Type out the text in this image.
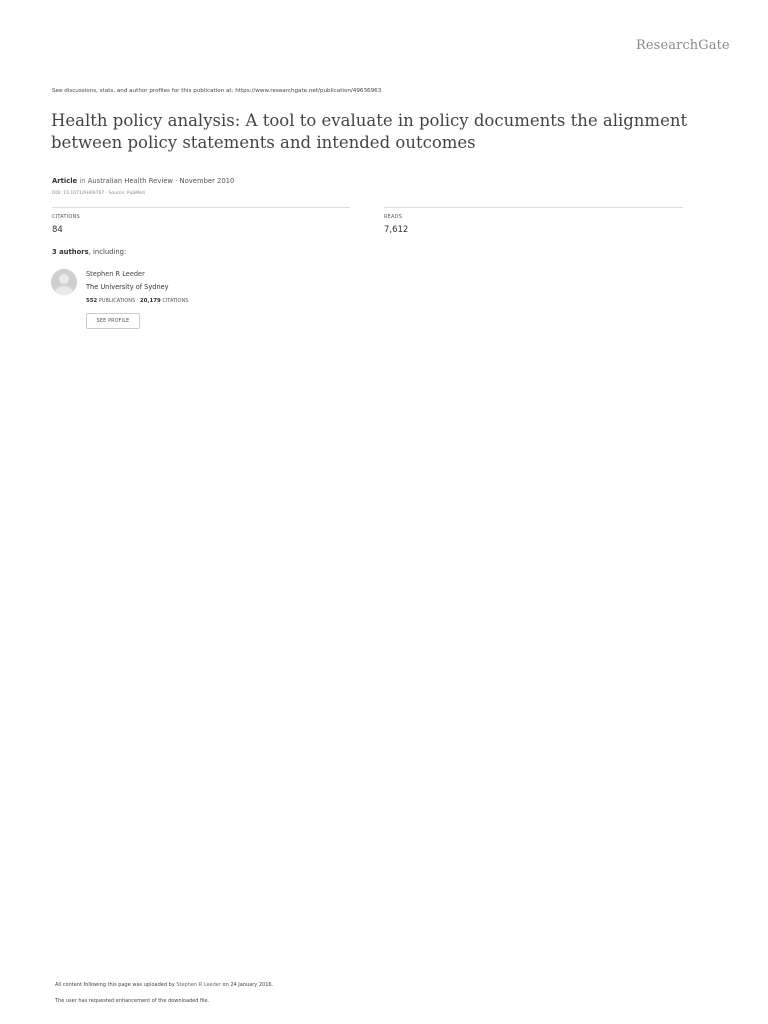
ResearchGate
See discussions, stats, and author profiles for this publication at: https://www.researchgate.net/publication/49636963
Health policy analysis: A tool to evaluate in policy documents the alignment between policy statements and intended outcomes
Article in Australian Health Review · November 2010
DOI: 10.1071/AH09767 · Source: PubMed
CITATIONS
84
READS
7,612
3 authors, including:
Stephen R Leeder
The University of Sydney
552 PUBLICATIONS 20,179 CITATIONS
SEE PROFILE
All content following this page was uploaded by Stephen R Leeder on 24 January 2016.
The user has requested enhancement of the downloaded file.
